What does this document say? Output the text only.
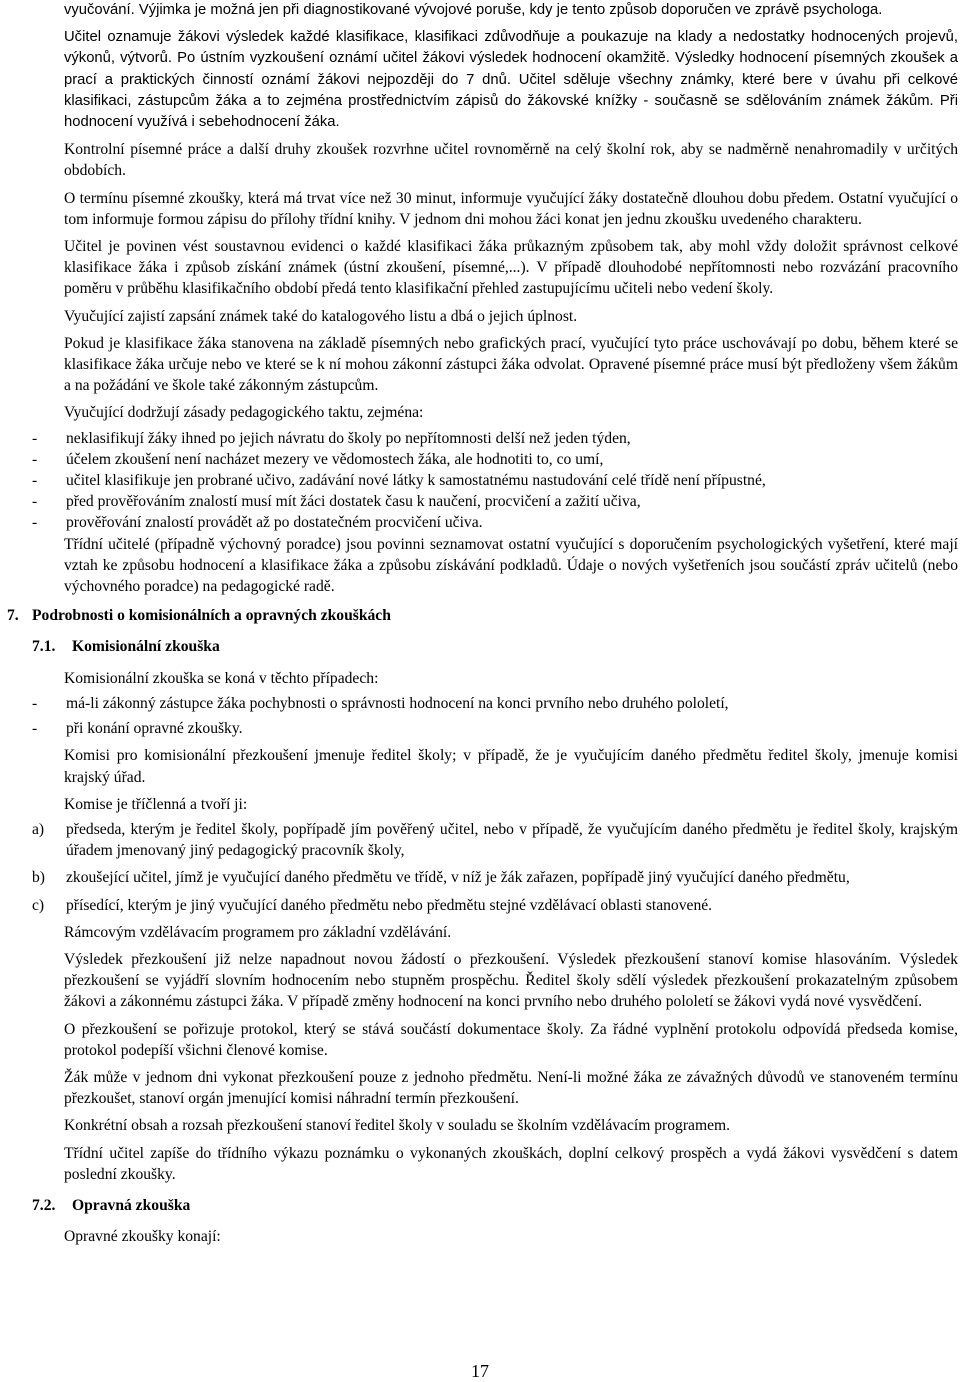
vyučování. Výjimka je možná jen při diagnostikované vývojové poruše, kdy je tento způsob doporučen ve zprávě psychologa.

Učitel oznamuje žákovi výsledek každé klasifikace, klasifikaci zdůvodňuje a poukazuje na klady a nedostatky hodnocených projevů, výkonů, výtvorů. Po ústním vyzkoušení oznámí učitel žákovi výsledek hodnocení okamžitě. Výsledky hodnocení písemných zkoušek a prací a praktických činností oznámí žákovi nejpozději do 7 dnů. Učitel sděluje všechny známky, které bere v úvahu při celkové klasifikaci, zástupcům žáka a to zejména prostřednictvím zápisů do žákovské knížky - současně se sdělováním známek žákům. Při hodnocení využívá i sebehodnocení žáka.

Kontrolní písemné práce a další druhy zkoušek rozvrhne učitel rovnoměrně na celý školní rok, aby se nadměrně nenahromadily v určitých obdobích.

O termínu písemné zkoušky, která má trvat více než 30 minut, informuje vyučující žáky dostatečně dlouhou dobu předem. Ostatní vyučující o tom informuje formou zápisu do přílohy třídní knihy. V jednom dni mohou žáci konat jen jednu zkoušku uvedeného charakteru.

Učitel je povinen vést soustavnou evidenci o každé klasifikaci žáka průkazným způsobem tak, aby mohl vždy doložit správnost celkové klasifikace žáka i způsob získání známek (ústní zkoušení, písemné,...). V případě dlouhodobé nepřítomnosti nebo rozvázání pracovního poměru v průběhu klasifikačního období předá tento klasifikační přehled zastupujícímu učiteli nebo vedení školy.

Vyučující zajistí zapsání známek také do katalogového listu a dbá o jejich úplnost.

Pokud je klasifikace žáka stanovena na základě písemných nebo grafických prací, vyučující tyto práce uschovávají po dobu, během které se klasifikace žáka určuje nebo ve které se k ní mohou zákonní zástupci žáka odvolat. Opravené písemné práce musí být předloženy všem žákům a na požádání ve škole také zákonným zástupcům.

Vyučující dodržují zásady pedagogického taktu, zejména:

- neklasifikují žáky ihned po jejich návratu do školy po nepřítomnosti delší než jeden týden,
- účelem zkoušení není nacházet mezery ve vědomostech žáka, ale hodnotiti to, co umí,
- učitel klasifikuje jen probrané učivo, zadávání nové látky k samostatnému nastudování celé třídě není přípustné,
- před prověřováním znalostí musí mít žáci dostatek času k naučení, procvičení a zažití učiva,
- prověřování znalostí provádět až po dostatečném procvičení učiva.

Třídní učitelé (případně výchovný poradce) jsou povinni seznamovat ostatní vyučující s doporučením psychologických vyšetření, které mají vztah ke způsobu hodnocení a klasifikace žáka a způsobu získávání podkladů. Údaje o nových vyšetřeních jsou součástí zpráv učitelů (nebo výchovného poradce) na pedagogické radě.

7. Podrobnosti o komisionálních a opravných zkouškách
7.1. Komisionální zkouška

Komisionální zkouška se koná v těchto případech:

- má-li zákonný zástupce žáka pochybnosti o správnosti hodnocení na konci prvního nebo druhého pololetí,
- při konání opravné zkoušky.

Komisi pro komisionální přezkoušení jmenuje ředitel školy; v případě, že je vyučujícím daného předmětu ředitel školy, jmenuje komisi krajský úřad.

Komise je tříčlenná a tvoří ji:

a) předseda, kterým je ředitel školy, popřípadě jím pověřený učitel, nebo v případě, že vyučujícím daného předmětu je ředitel školy, krajským úřadem jmenovaný jiný pedagogický pracovník školy,
b) zkoušející učitel, jímž je vyučující daného předmětu ve třídě, v níž je žák zařazen, popřípadě jiný vyučující daného předmětu,
c) přísedící, kterým je jiný vyučující daného předmětu nebo předmětu stejné vzdělávací oblasti stanovené.

Rámcovým vzdělávacím programem pro základní vzdělávání.

Výsledek přezkoušení již nelze napadnout novou žádostí o přezkoušení. Výsledek přezkoušení stanoví komise hlasováním. Výsledek přezkoušení se vyjádří slovním hodnocením nebo stupněm prospěchu. Ředitel školy sdělí výsledek přezkoušení prokazatelným způsobem žákovi a zákonnému zástupci žáka. V případě změny hodnocení na konci prvního nebo druhého pololetí se žákovi vydá nové vysvědčení.

O přezkoušení se pořizuje protokol, který se stává součástí dokumentace školy. Za řádné vyplnění protokolu odpovídá předseda komise, protokol podepíší všichni členové komise.

Žák může v jednom dni vykonat přezkoušení pouze z jednoho předmětu. Není-li možné žáka ze závažných důvodů ve stanoveném termínu přezkoušet, stanoví orgán jmenující komisi náhradní termín přezkoušení.

Konkrétní obsah a rozsah přezkoušení stanoví ředitel školy v souladu se školním vzdělávacím programem.

Třídní učitel zapíše do třídního výkazu poznámku o vykonaných zkouškách, doplní celkový prospěch a vydá žákovi vysvědčení s datem poslední zkoušky.

7.2. Opravná zkouška

Opravné zkoušky konají:

17
